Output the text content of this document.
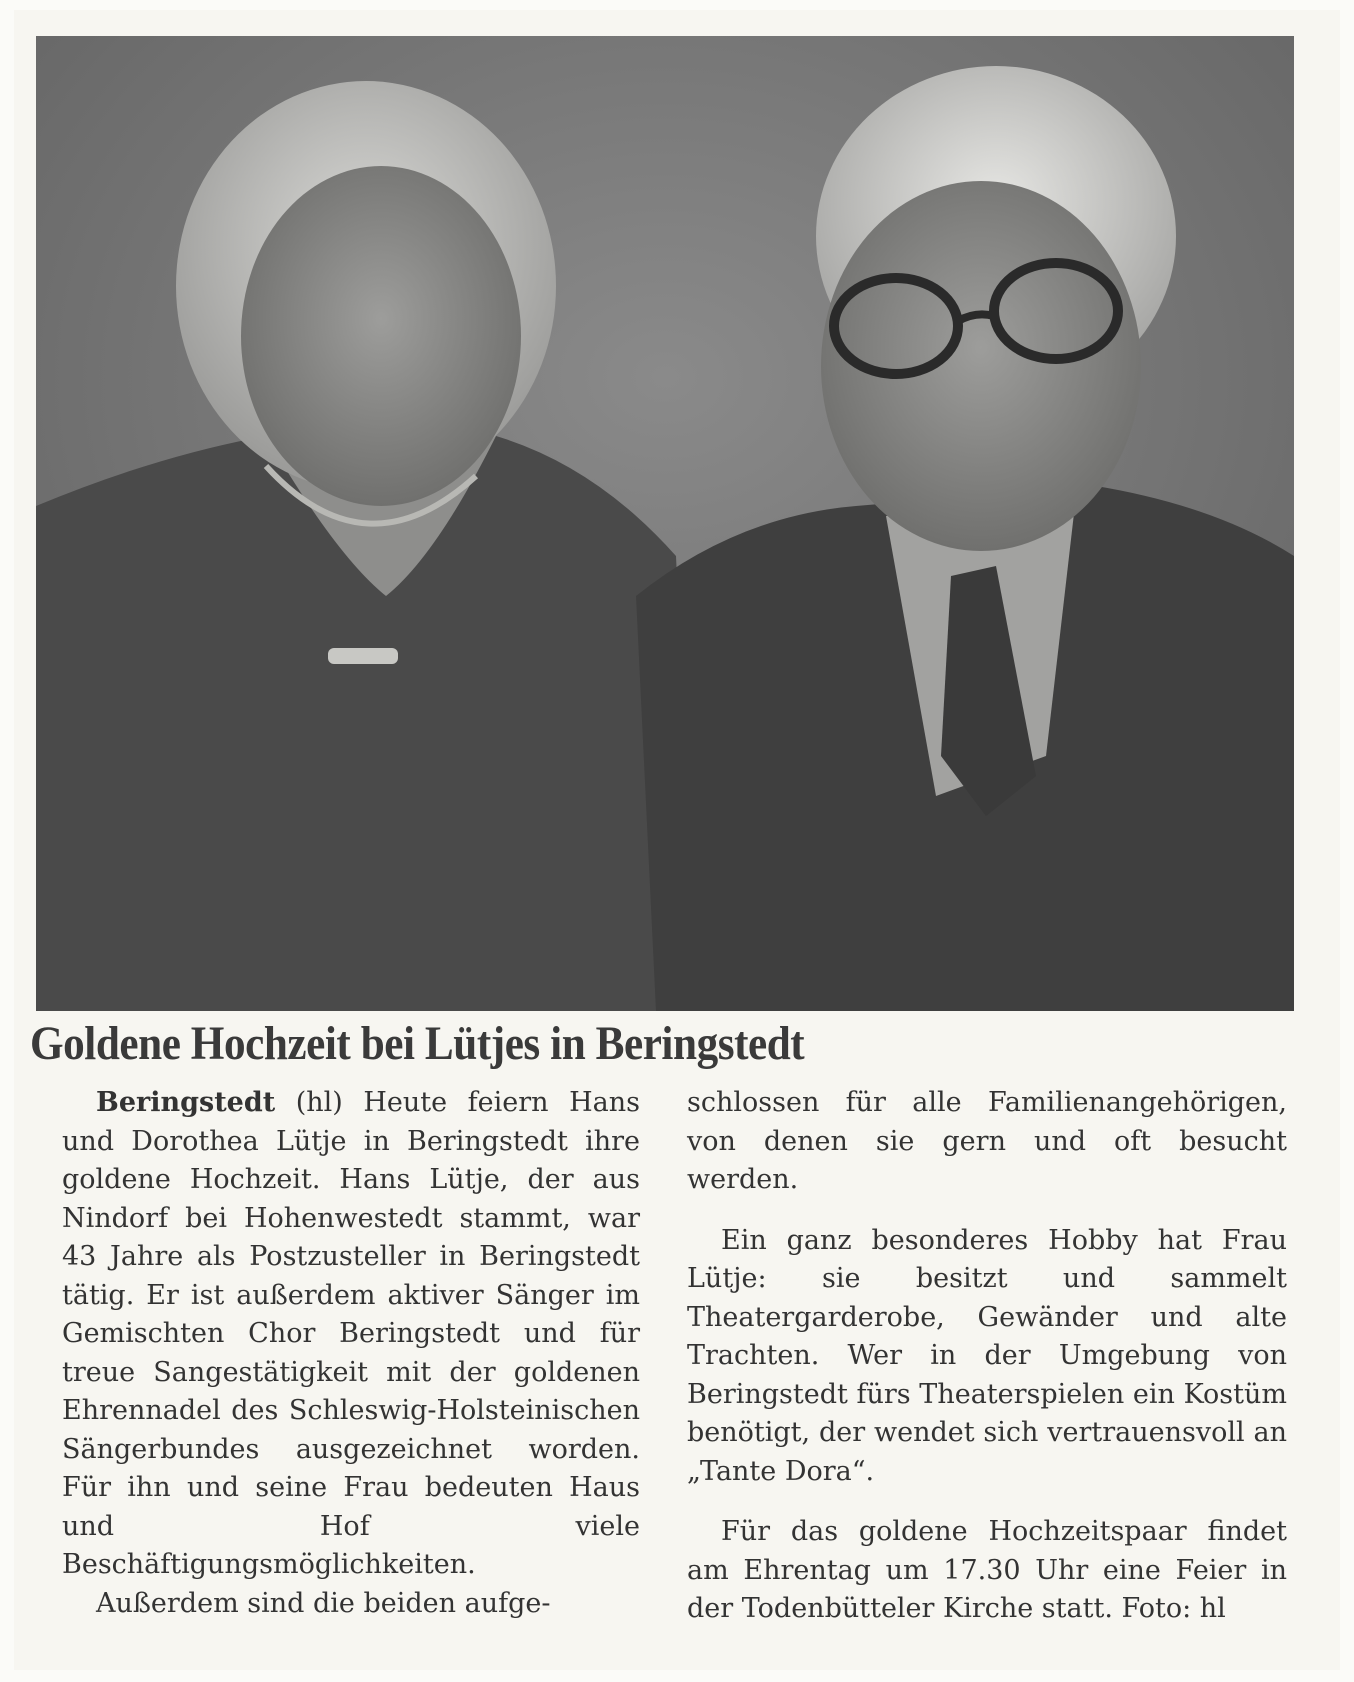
Goldene Hochzeit bei Lütjes in Beringstedt

Beringstedt (hl) Heute feiern Hans und Dorothea Lütje in Beringstedt ihre goldene Hochzeit. Hans Lütje, der aus Nindorf bei Hohenwestedt stammt, war 43 Jahre als Postzusteller in Beringstedt tätig. Er ist außerdem aktiver Sänger im Gemischten Chor Beringstedt und für treue Sangestätigkeit mit der goldenen Ehrennadel des Schleswig-Holsteinischen Sängerbundes ausgezeichnet worden. Für ihn und seine Frau bedeuten Haus und Hof viele Beschäftigungsmöglichkeiten.

Außerdem sind die beiden aufge-

schlossen für alle Familienangehörigen, von denen sie gern und oft besucht werden.

Ein ganz besonderes Hobby hat Frau Lütje: sie besitzt und sammelt Theatergarderobe, Gewänder und alte Trachten. Wer in der Umgebung von Beringstedt fürs Theaterspielen ein Kostüm benötigt, der wendet sich vertrauensvoll an „Tante Dora“.

Für das goldene Hochzeitspaar findet am Ehrentag um 17.30 Uhr eine Feier in der Todenbütteler Kirche statt. Foto: hl
